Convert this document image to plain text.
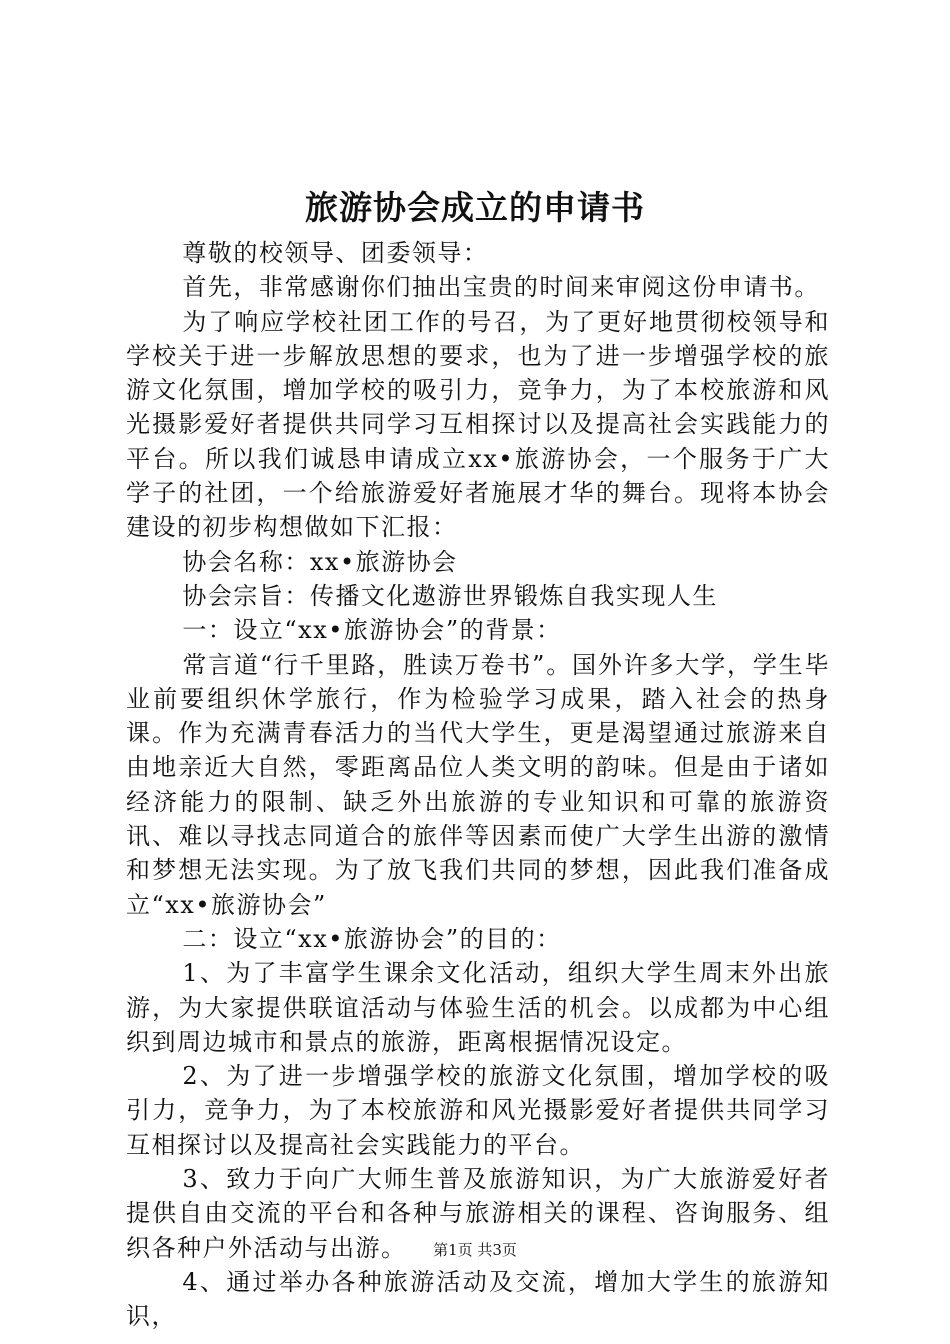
旅游协会成立的申请书

尊敬的校领导、团委领导：

首先，非常感谢你们抽出宝贵的时间来审阅这份申请书。

为了响应学校社团工作的号召，为了更好地贯彻校领导和学校关于进一步解放思想的要求，也为了进一步增强学校的旅游文化氛围，增加学校的吸引力，竞争力，为了本校旅游和风光摄影爱好者提供共同学习互相探讨以及提高社会实践能力的平台。所以我们诚恳申请成立xx•旅游协会，一个服务于广大学子的社团，一个给旅游爱好者施展才华的舞台。现将本协会建设的初步构想做如下汇报：

协会名称：xx•旅游协会

协会宗旨：传播文化遨游世界锻炼自我实现人生

一：设立“xx•旅游协会”的背景：

常言道“行千里路，胜读万卷书”。国外许多大学，学生毕业前要组织休学旅行，作为检验学习成果，踏入社会的热身课。作为充满青春活力的当代大学生，更是渴望通过旅游来自由地亲近大自然，零距离品位人类文明的韵味。但是由于诸如经济能力的限制、缺乏外出旅游的专业知识和可靠的旅游资讯、难以寻找志同道合的旅伴等因素而使广大学生出游的激情和梦想无法实现。为了放飞我们共同的梦想，因此我们准备成立“xx•旅游协会”

二：设立“xx•旅游协会”的目的：

1、为了丰富学生课余文化活动，组织大学生周末外出旅游，为大家提供联谊活动与体验生活的机会。以成都为中心组织到周边城市和景点的旅游，距离根据情况设定。

2、为了进一步增强学校的旅游文化氛围，增加学校的吸引力，竞争力，为了本校旅游和风光摄影爱好者提供共同学习互相探讨以及提高社会实践能力的平台。

3、致力于向广大师生普及旅游知识，为广大旅游爱好者提供自由交流的平台和各种与旅游相关的课程、咨询服务、组织各种户外活动与出游。

4、通过举办各种旅游活动及交流，增加大学生的旅游知识，

第1页 共3页
